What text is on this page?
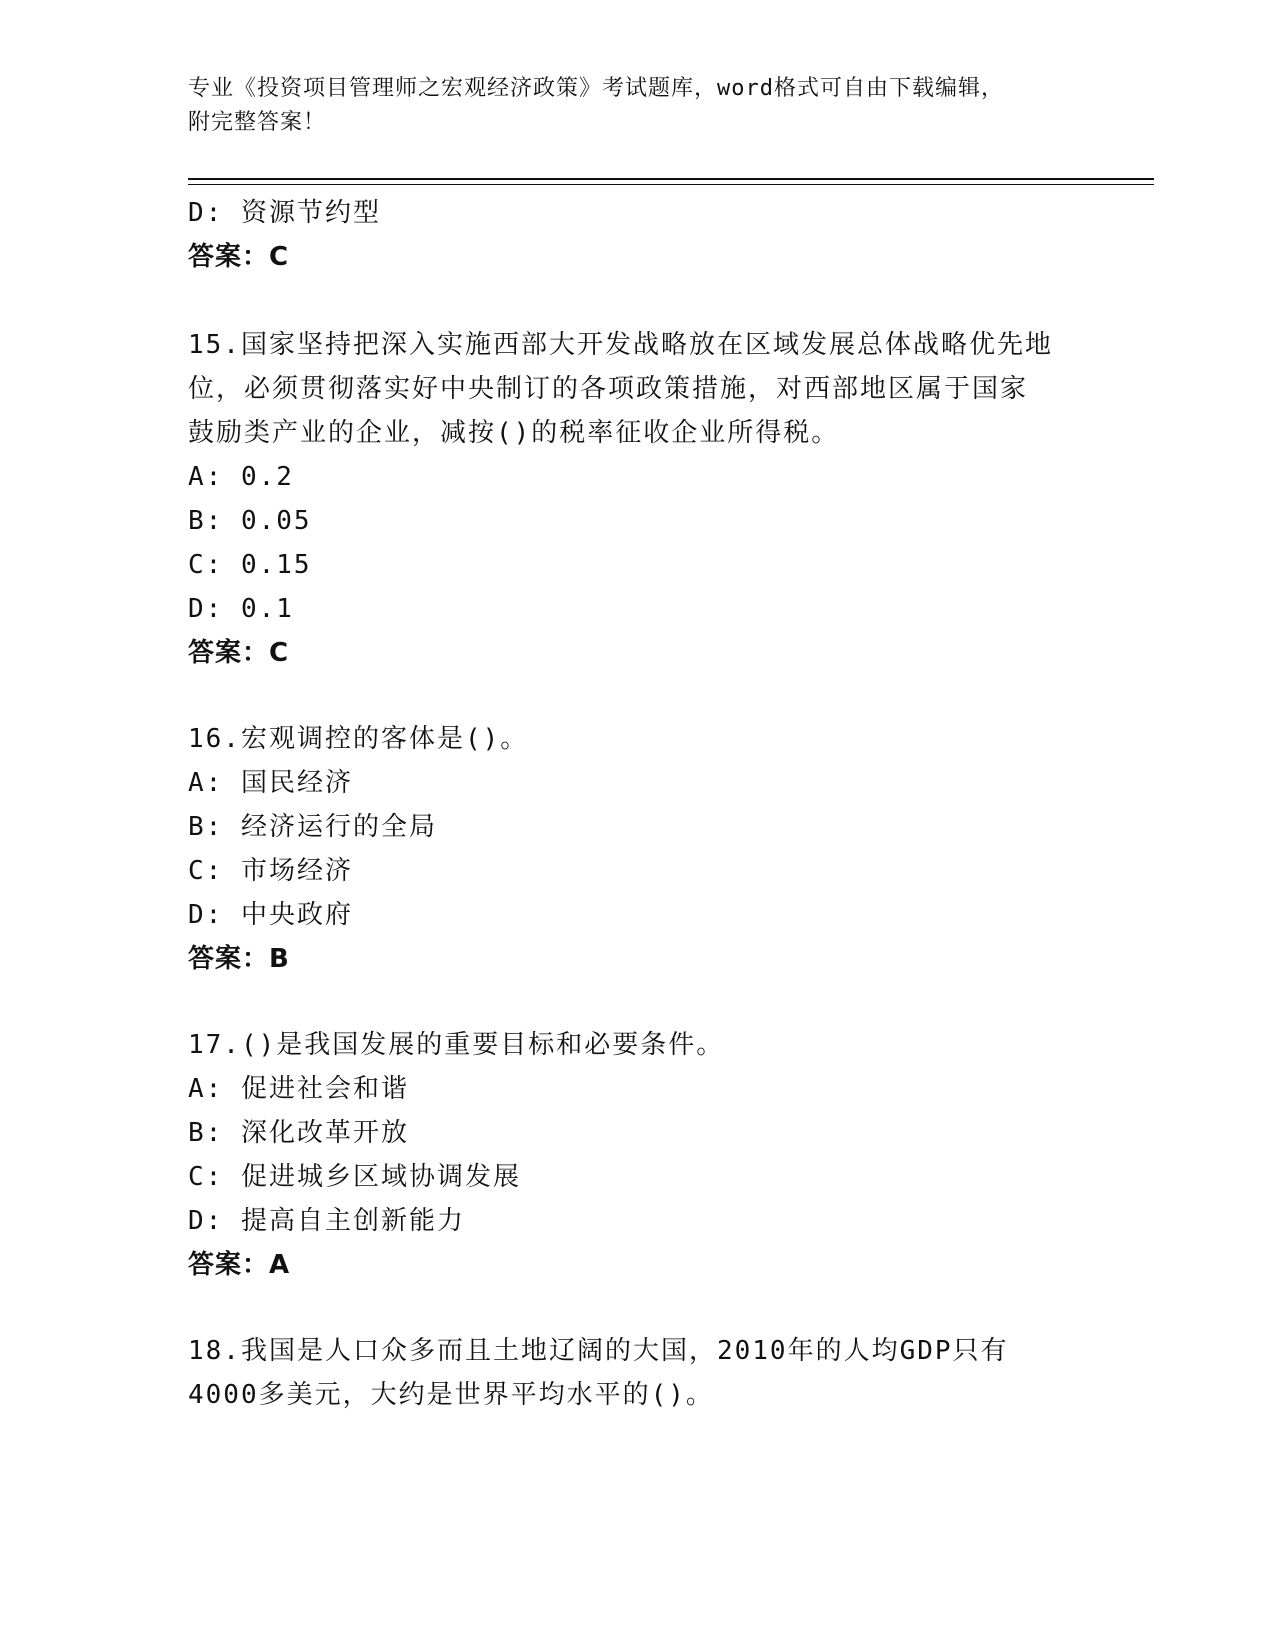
专业《投资项目管理师之宏观经济政策》考试题库，word格式可自由下载编辑，
附完整答案！
D: 资源节约型
答案：C
15.国家坚持把深入实施西部大开发战略放在区域发展总体战略优先地
位，必须贯彻落实好中央制订的各项政策措施，对西部地区属于国家
鼓励类产业的企业，减按()的税率征收企业所得税。
A: 0.2
B: 0.05
C: 0.15
D: 0.1
答案：C
16.宏观调控的客体是()。
A: 国民经济
B: 经济运行的全局
C: 市场经济
D: 中央政府
答案：B
17.()是我国发展的重要目标和必要条件。
A: 促进社会和谐
B: 深化改革开放
C: 促进城乡区域协调发展
D: 提高自主创新能力
答案：A
18.我国是人口众多而且土地辽阔的大国，2010年的人均GDP只有
4000多美元，大约是世界平均水平的()。
